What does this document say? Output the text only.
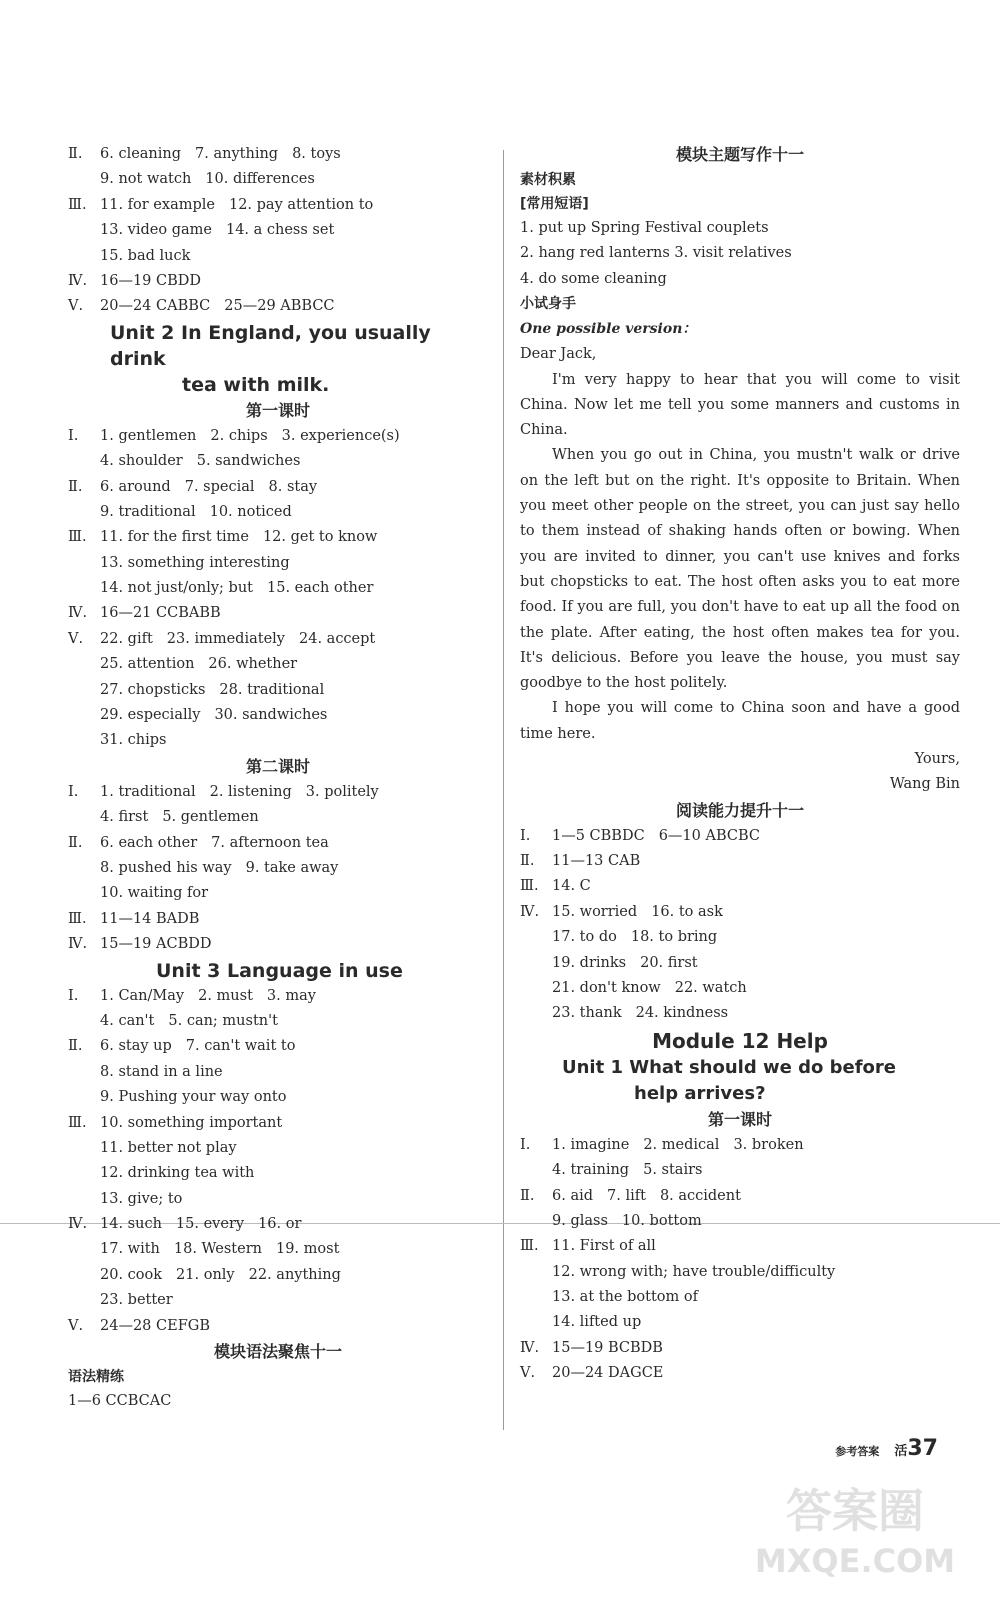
Ⅱ. 6. cleaning 7. anything 8. toys
9. not watch 10. differences
Ⅲ. 11. for example 12. pay attention to
13. video game 14. a chess set
15. bad luck
Ⅳ. 16—19 CBDD
Ⅴ. 20—24 CABBC 25—29 ABBCC
Unit 2 In England, you usually drink
tea with milk.
第一课时
Ⅰ. 1. gentlemen 2. chips 3. experience(s)
4. shoulder 5. sandwiches
Ⅱ. 6. around 7. special 8. stay
9. traditional 10. noticed
Ⅲ. 11. for the first time 12. get to know
13. something interesting
14. not just/only; but 15. each other
Ⅳ. 16—21 CCBABB
Ⅴ. 22. gift 23. immediately 24. accept
25. attention 26. whether
27. chopsticks 28. traditional
29. especially 30. sandwiches
31. chips
第二课时
Ⅰ. 1. traditional 2. listening 3. politely
4. first 5. gentlemen
Ⅱ. 6. each other 7. afternoon tea
8. pushed his way 9. take away
10. waiting for
Ⅲ. 11—14 BADB
Ⅳ. 15—19 ACBDD
Unit 3 Language in use
Ⅰ. 1. Can/May 2. must 3. may
4. can't 5. can; mustn't
Ⅱ. 6. stay up 7. can't wait to
8. stand in a line
9. Pushing your way onto
Ⅲ. 10. something important
11. better not play
12. drinking tea with
13. give; to
Ⅳ. 14. such 15. every 16. or
17. with 18. Western 19. most
20. cook 21. only 22. anything
23. better
Ⅴ. 24—28 CEFGB
模块语法聚焦十一
语法精练
1—6 CCBCAC
模块主题写作十一
素材积累
[常用短语]
1. put up Spring Festival couplets
2. hang red lanterns 3. visit relatives
4. do some cleaning
小试身手
One possible version：
Dear Jack,

I'm very happy to hear that you will come to visit China. Now let me tell you some manners and customs in China.

When you go out in China, you mustn't walk or drive on the left but on the right. It's opposite to Britain. When you meet other people on the street, you can just say hello to them instead of shaking hands often or bowing. When you are invited to dinner, you can't use knives and forks but chopsticks to eat. The host often asks you to eat more food. If you are full, you don't have to eat up all the food on the plate. After eating, the host often makes tea for you. It's delicious. Before you leave the house, you must say goodbye to the host politely.

I hope you will come to China soon and have a good time here.

Yours,
Wang Bin
阅读能力提升十一
Ⅰ. 1—5 CBBDC 6—10 ABCBC
Ⅱ. 11—13 CAB
Ⅲ. 14. C
Ⅳ. 15. worried 16. to ask
17. to do 18. to bring
19. drinks 20. first
21. don't know 22. watch
23. thank 24. kindness
Module 12 Help
Unit 1 What should we do before
help arrives?
第一课时
Ⅰ. 1. imagine 2. medical 3. broken
4. training 5. stairs
Ⅱ. 6. aid 7. lift 8. accident
9. glass 10. bottom
Ⅲ. 11. First of all
12. wrong with; have trouble/difficulty
13. at the bottom of
14. lifted up
Ⅳ. 15—19 BCBDB
Ⅴ. 20—24 DAGCE
参考答案 活37
答案圈
MXQE.COM
